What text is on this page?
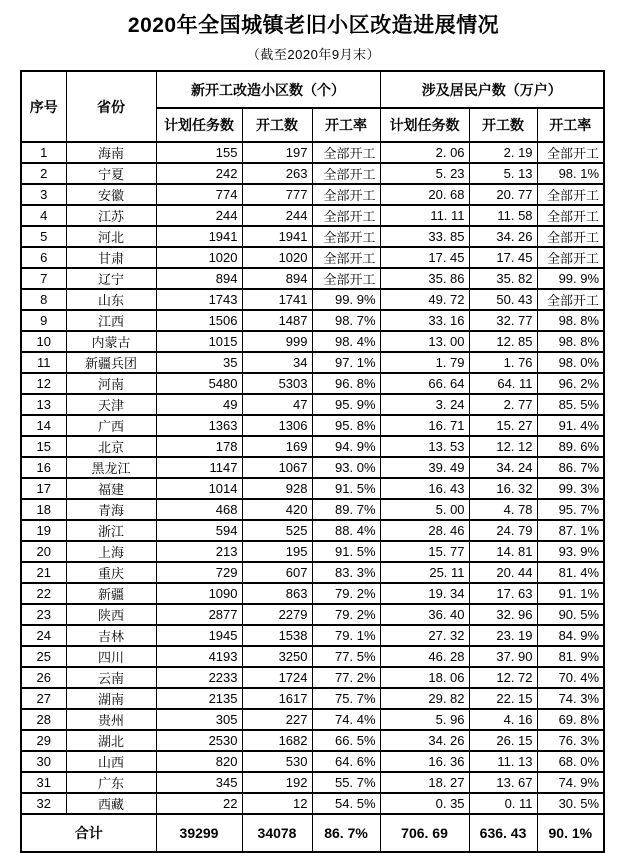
2020年全国城镇老旧小区改造进展情况
（截至2020年9月末）
序号	省份	新开工改造小区数（个）			涉及居民户数（万户）		
		计划任务数	开工数	开工率	计划任务数	开工数	开工率
1	海南	155	197	全部开工	2. 06	2. 19	全部开工
2	宁夏	242	263	全部开工	5. 23	5. 13	98. 1%
3	安徽	774	777	全部开工	20. 68	20. 77	全部开工
4	江苏	244	244	全部开工	11. 11	11. 58	全部开工
5	河北	1941	1941	全部开工	33. 85	34. 26	全部开工
6	甘肃	1020	1020	全部开工	17. 45	17. 45	全部开工
7	辽宁	894	894	全部开工	35. 86	35. 82	99. 9%
8	山东	1743	1741	99. 9%	49. 72	50. 43	全部开工
9	江西	1506	1487	98. 7%	33. 16	32. 77	98. 8%
10	内蒙古	1015	999	98. 4%	13. 00	12. 85	98. 8%
11	新疆兵团	35	34	97. 1%	1. 79	1. 76	98. 0%
12	河南	5480	5303	96. 8%	66. 64	64. 11	96. 2%
13	天津	49	47	95. 9%	3. 24	2. 77	85. 5%
14	广西	1363	1306	95. 8%	16. 71	15. 27	91. 4%
15	北京	178	169	94. 9%	13. 53	12. 12	89. 6%
16	黑龙江	1147	1067	93. 0%	39. 49	34. 24	86. 7%
17	福建	1014	928	91. 5%	16. 43	16. 32	99. 3%
18	青海	468	420	89. 7%	5. 00	4. 78	95. 7%
19	浙江	594	525	88. 4%	28. 46	24. 79	87. 1%
20	上海	213	195	91. 5%	15. 77	14. 81	93. 9%
21	重庆	729	607	83. 3%	25. 11	20. 44	81. 4%
22	新疆	1090	863	79. 2%	19. 34	17. 63	91. 1%
23	陕西	2877	2279	79. 2%	36. 40	32. 96	90. 5%
24	吉林	1945	1538	79. 1%	27. 32	23. 19	84. 9%
25	四川	4193	3250	77. 5%	46. 28	37. 90	81. 9%
26	云南	2233	1724	77. 2%	18. 06	12. 72	70. 4%
27	湖南	2135	1617	75. 7%	29. 82	22. 15	74. 3%
28	贵州	305	227	74. 4%	5. 96	4. 16	69. 8%
29	湖北	2530	1682	66. 5%	34. 26	26. 15	76. 3%
30	山西	820	530	64. 6%	16. 36	11. 13	68. 0%
31	广东	345	192	55. 7%	18. 27	13. 67	74. 9%
32	西藏	22	12	54. 5%	0. 35	0. 11	30. 5%
合计		39299	34078	86. 7%	706. 69	636. 43	90. 1%
